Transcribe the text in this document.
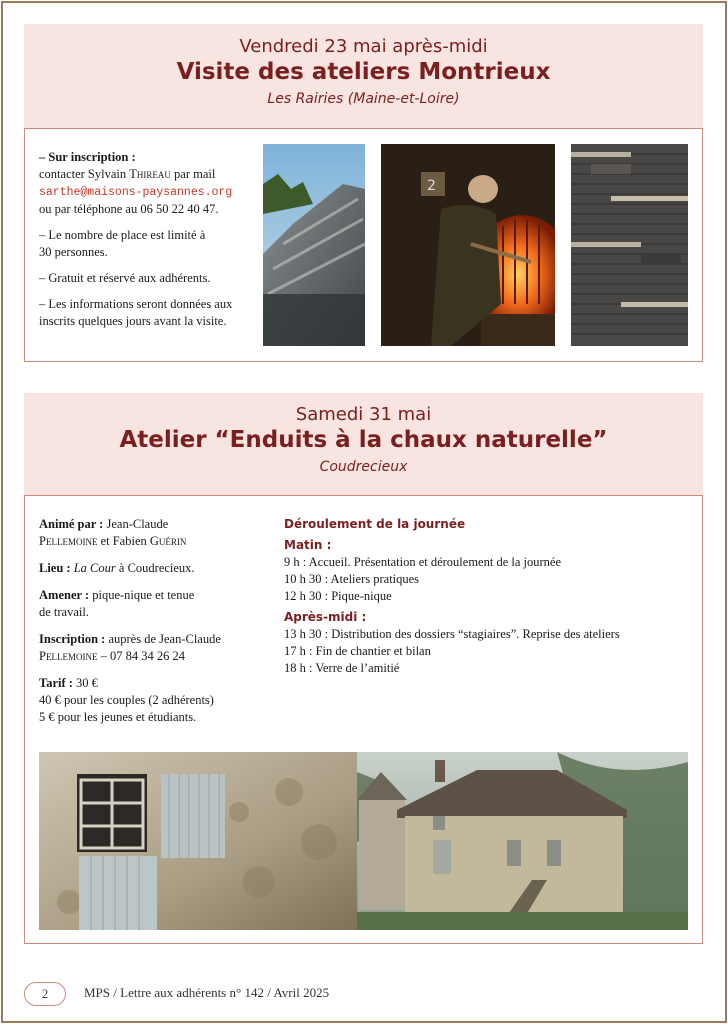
Vendredi 23 mai après-midi
Visite des ateliers Montrieux
Les Rairies (Maine-et-Loire)

– Sur inscription :

contacter Sylvain Thireau par mail

sarthe@maisons-paysannes.org

ou par téléphone au 06 50 22 40 47.

– Le nombre de place est limité à

30 personnes.

– Gratuit et réservé aux adhérents.

– Les informations seront données aux

inscrits quelques jours avant la visite.

2
Samedi 31 mai
Atelier “Enduits à la chaux naturelle”
Coudrecieux

Animé par : Jean-Claude

Pellemoine et Fabien Guérin

Lieu : La Cour à Coudrecieux.

Amener : pique-nique et tenue

de travail.

Inscription : auprès de Jean-Claude

Pellemoine – 07 84 34 26 24

Tarif : 30 €

40 € pour les couples (2 adhérents)

5 € pour les jeunes et étudiants.

Déroulement de la journée

Matin :

9 h : Accueil. Présentation et déroulement de la journée

10 h 30 : Ateliers pratiques

12 h 30 : Pique-nique

Après-midi :

13 h 30 : Distribution des dossiers “stagiaires”. Reprise des ateliers

17 h : Fin de chantier et bilan

18 h : Verre de l’amitié

2	MPS / Lettre aux adhérents n° 142 / Avril 2025
